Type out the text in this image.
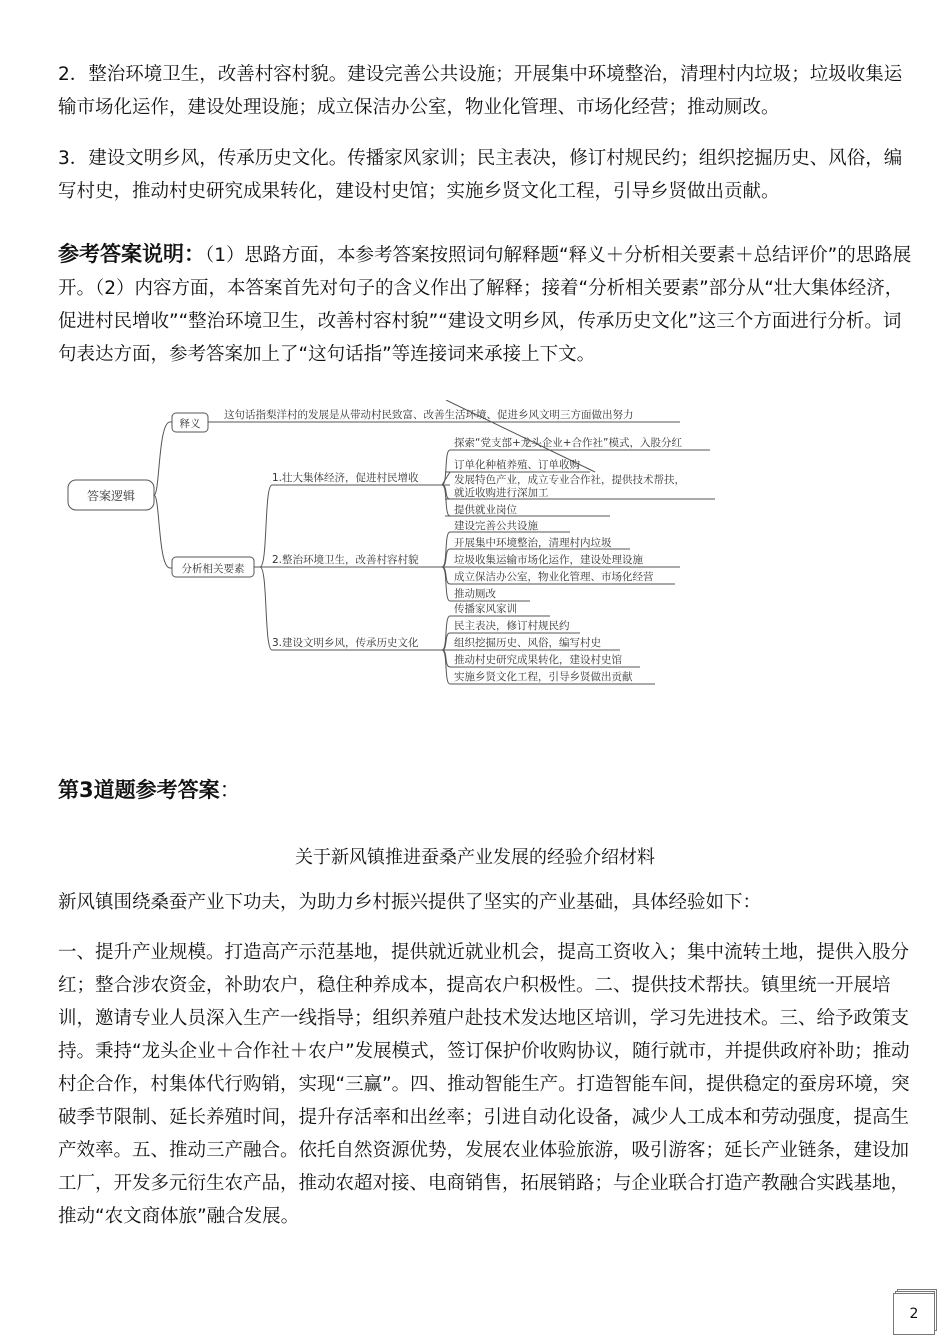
2．整治环境卫生，改善村容村貌。建设完善公共设施；开展集中环境整治，清理村内垃圾；垃圾收集运输市场化运作，建设处理设施；成立保洁办公室，物业化管理、市场化经营；推动厕改。

3．建设文明乡风，传承历史文化。传播家风家训；民主表决，修订村规民约；组织挖掘历史、风俗，编写村史，推动村史研究成果转化，建设村史馆；实施乡贤文化工程，引导乡贤做出贡献。

参考答案说明：（1）思路方面，本参考答案按照词句解释题“释义＋分析相关要素＋总结评价”的思路展开。（2）内容方面，本答案首先对句子的含义作出了解释；接着“分析相关要素”部分从“壮大集体经济，促进村民增收”“整治环境卫生，改善村容村貌”“建设文明乡风，传承历史文化”这三个方面进行分析。词句表达方面，参考答案加上了“这句话指”等连接词来承接上下文。

答案逻辑
释义
这句话指梨洋村的发展是从带动村民致富、改善生活环境、促进乡风文明三方面做出努力
分析相关要素
1.壮大集体经济，促进村民增收
2.整治环境卫生，改善村容村貌
3.建设文明乡风，传承历史文化
探索“党支部+龙头企业+合作社”模式，入股分红
订单化种植养殖、订单收购
发展特色产业，成立专业合作社，提供技术帮扶，
就近收购进行深加工
提供就业岗位
建设完善公共设施
开展集中环境整治，清理村内垃圾
垃圾收集运输市场化运作，建设处理设施
成立保洁办公室，物业化管理、市场化经营
推动厕改
传播家风家训
民主表决，修订村规民约
组织挖掘历史、风俗，编写村史
推动村史研究成果转化，建设村史馆
实施乡贤文化工程，引导乡贤做出贡献
第3道题参考答案：

关于新风镇推进蚕桑产业发展的经验介绍材料

新风镇围绕桑蚕产业下功夫，为助力乡村振兴提供了坚实的产业基础，具体经验如下：

一、提升产业规模。打造高产示范基地，提供就近就业机会，提高工资收入；集中流转土地，提供入股分红；整合涉农资金，补助农户，稳住种养成本，提高农户积极性。二、提供技术帮扶。镇里统一开展培训，邀请专业人员深入生产一线指导；组织养殖户赴技术发达地区培训，学习先进技术。三、给予政策支持。秉持“龙头企业＋合作社＋农户”发展模式，签订保护价收购协议，随行就市，并提供政府补助；推动村企合作，村集体代行购销，实现“三赢”。四、推动智能生产。打造智能车间，提供稳定的蚕房环境，突破季节限制、延长养殖时间，提升存活率和出丝率；引进自动化设备，减少人工成本和劳动强度，提高生产效率。五、推动三产融合。依托自然资源优势，发展农业体验旅游，吸引游客；延长产业链条，建设加工厂，开发多元衍生农产品，推动农超对接、电商销售，拓展销路；与企业联合打造产教融合实践基地，推动“农文商体旅”融合发展。

2
